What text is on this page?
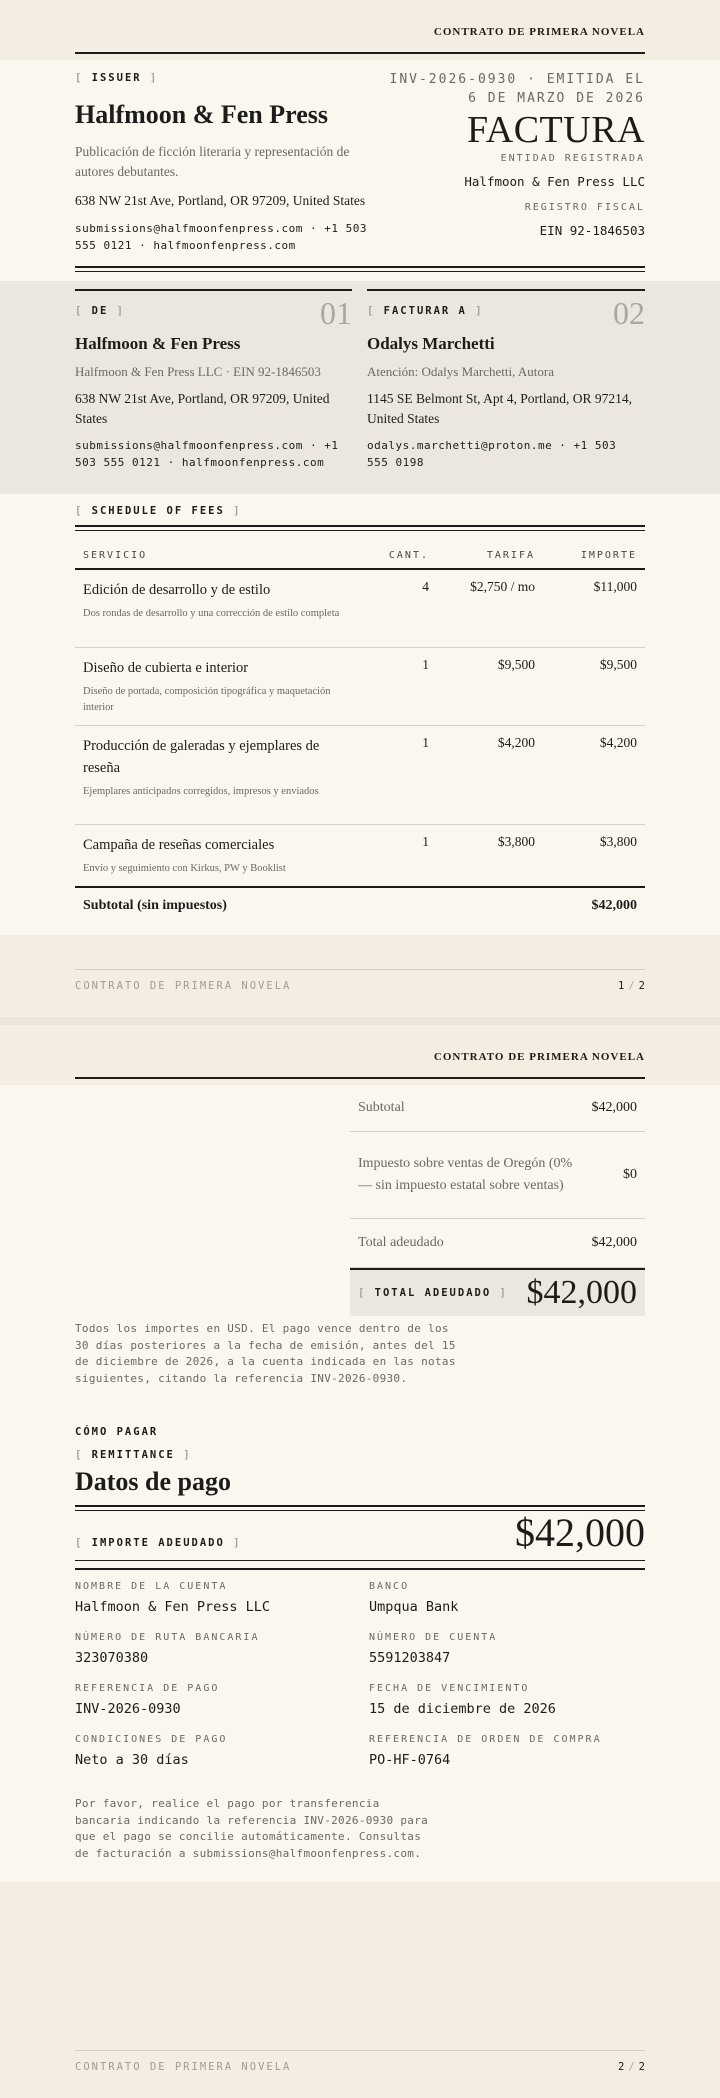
CONTRATO DE PRIMERA NOVELA
[ ISSUER ]
Halfmoon & Fen Press
Publicación de ficción literaria y representación de autores debutantes.
638 NW 21st Ave, Portland, OR 97209, United States
submissions@halfmoonfenpress.com · +1 503 555 0121 · halfmoonfenpress.com
INV-2026-0930 · EMITIDA EL 6 DE MARZO DE 2026
FACTURA
ENTIDAD REGISTRADA
Halfmoon & Fen Press LLC
REGISTRO FISCAL
EIN 92-1846503
01
[ DE ]
Halfmoon & Fen Press
Halfmoon & Fen Press LLC · EIN 92-1846503
638 NW 21st Ave, Portland, OR 97209, United States
submissions@halfmoonfenpress.com · +1 503 555 0121 · halfmoonfenpress.com
02
[ FACTURAR A ]
Odalys Marchetti
Atención: Odalys Marchetti, Autora
1145 SE Belmont St, Apt 4, Portland, OR 97214, United States
odalys.marchetti@proton.me · +1 503 555 0198
[ SCHEDULE OF FEES ]
SERVICIO	CANT.	TARIFA	IMPORTE

Edición de desarrollo y de estilo
Dos rondas de desarrollo y una corrección de estilo completa	4	$2,750 / mo	$11,000

Diseño de cubierta e interior
Diseño de portada, composición tipográfica y maquetación interior	1	$9,500	$9,500

Producción de galeradas y ejemplares de reseña
Ejemplares anticipados corregidos, impresos y enviados	1	$4,200	$4,200

Campaña de reseñas comerciales
Envío y seguimiento con Kirkus, PW y Booklist	1	$3,800	$3,800
Subtotal (sin impuestos)			$42,000
CONTRATO DE PRIMERA NOVELA	1 / 2
CONTRATO DE PRIMERA NOVELA
Subtotal	$42,000
Impuesto sobre ventas de Oregón (0% — sin impuesto estatal sobre ventas)
$0
Total adeudado	$42,000
[ TOTAL ADEUDADO ] $42,000
Todos los importes en USD. El pago vence dentro de los 30 días posteriores a la fecha de emisión, antes del 15 de diciembre de 2026, a la cuenta indicada en las notas siguientes, citando la referencia INV-2026-0930.
CÓMO PAGAR
[ REMITTANCE ]
Datos de pago
[ IMPORTE ADEUDADO ]	$42,000
NOMBRE DE LA CUENTA
Halfmoon & Fen Press LLC
BANCO
Umpqua Bank
NÚMERO DE RUTA BANCARIA
323070380
NÚMERO DE CUENTA
5591203847
REFERENCIA DE PAGO
INV-2026-0930
FECHA DE VENCIMIENTO
15 de diciembre de 2026
CONDICIONES DE PAGO
Neto a 30 días
REFERENCIA DE ORDEN DE COMPRA
PO-HF-0764
Por favor, realice el pago por transferencia bancaria indicando la referencia INV-2026-0930 para que el pago se concilie automáticamente. Consultas de facturación a submissions@halfmoonfenpress.com.
CONTRATO DE PRIMERA NOVELA	2 / 2
